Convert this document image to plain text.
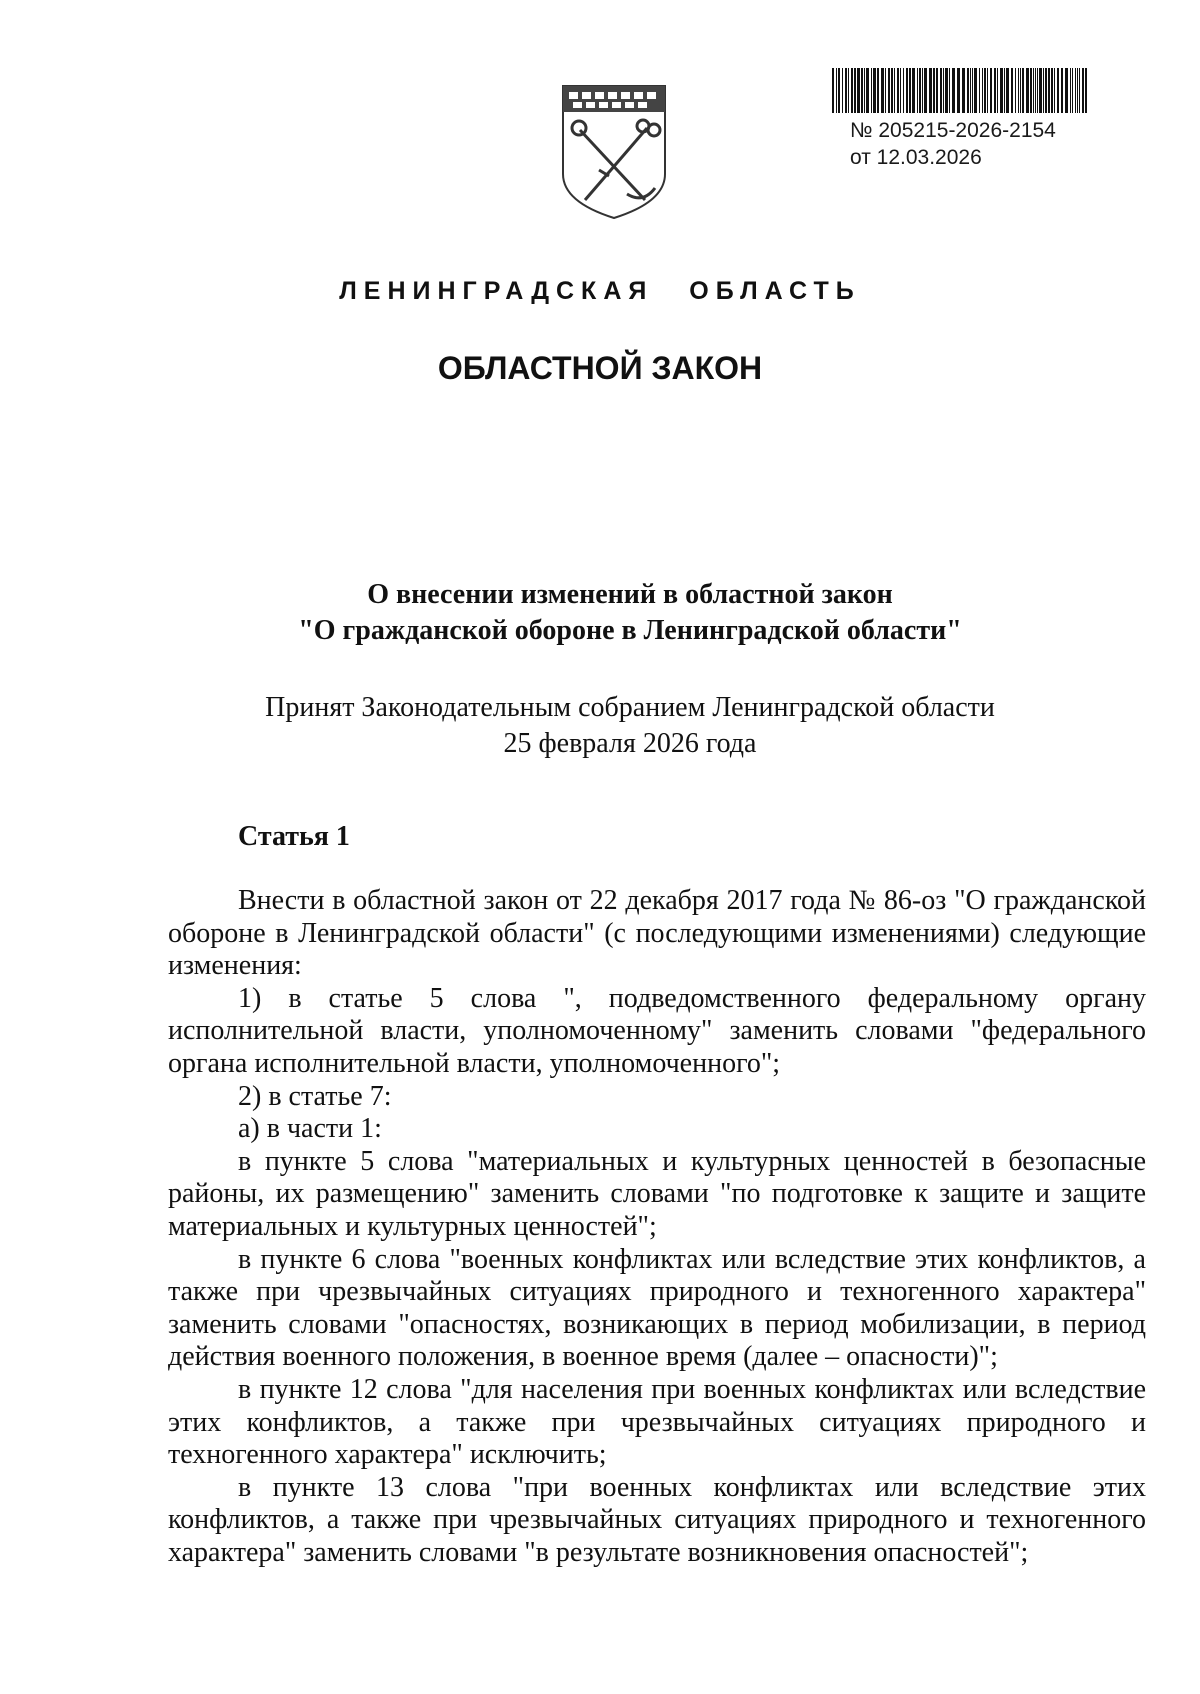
№ 205215-2026-2154
от 12.03.2026
ЛЕНИНГРАДСКАЯ ОБЛАСТЬ
ОБЛАСТНОЙ ЗАКОН
О внесении изменений в областной закон
"О гражданской обороне в Ленинградской области"
Принят Законодательным собранием Ленинградской области
25 февраля 2026 года
Статья 1

Внести в областной закон от 22 декабря 2017 года № 86-оз "О гражданской обороне в Ленинградской области" (с последующими изменениями) следующие изменения:

1) в статье 5 слова ", подведомственного федеральному органу исполнительной власти, уполномоченному" заменить словами "федерального органа исполнительной власти, уполномоченного";

2) в статье 7:

а) в части 1:

в пункте 5 слова "материальных и культурных ценностей в безопасные районы, их размещению" заменить словами "по подготовке к защите и защите материальных и культурных ценностей";

в пункте 6 слова "военных конфликтах или вследствие этих конфликтов, а также при чрезвычайных ситуациях природного и техногенного характера" заменить словами "опасностях, возникающих в период мобилизации, в период действия военного положения, в военное время (далее – опасности)";

в пункте 12 слова "для населения при военных конфликтах или вследствие этих конфликтов, а также при чрезвычайных ситуациях природного и техногенного характера" исключить;

в пункте 13 слова "при военных конфликтах или вследствие этих конфликтов, а также при чрезвычайных ситуациях природного и техногенного характера" заменить словами "в результате возникновения опасностей";
